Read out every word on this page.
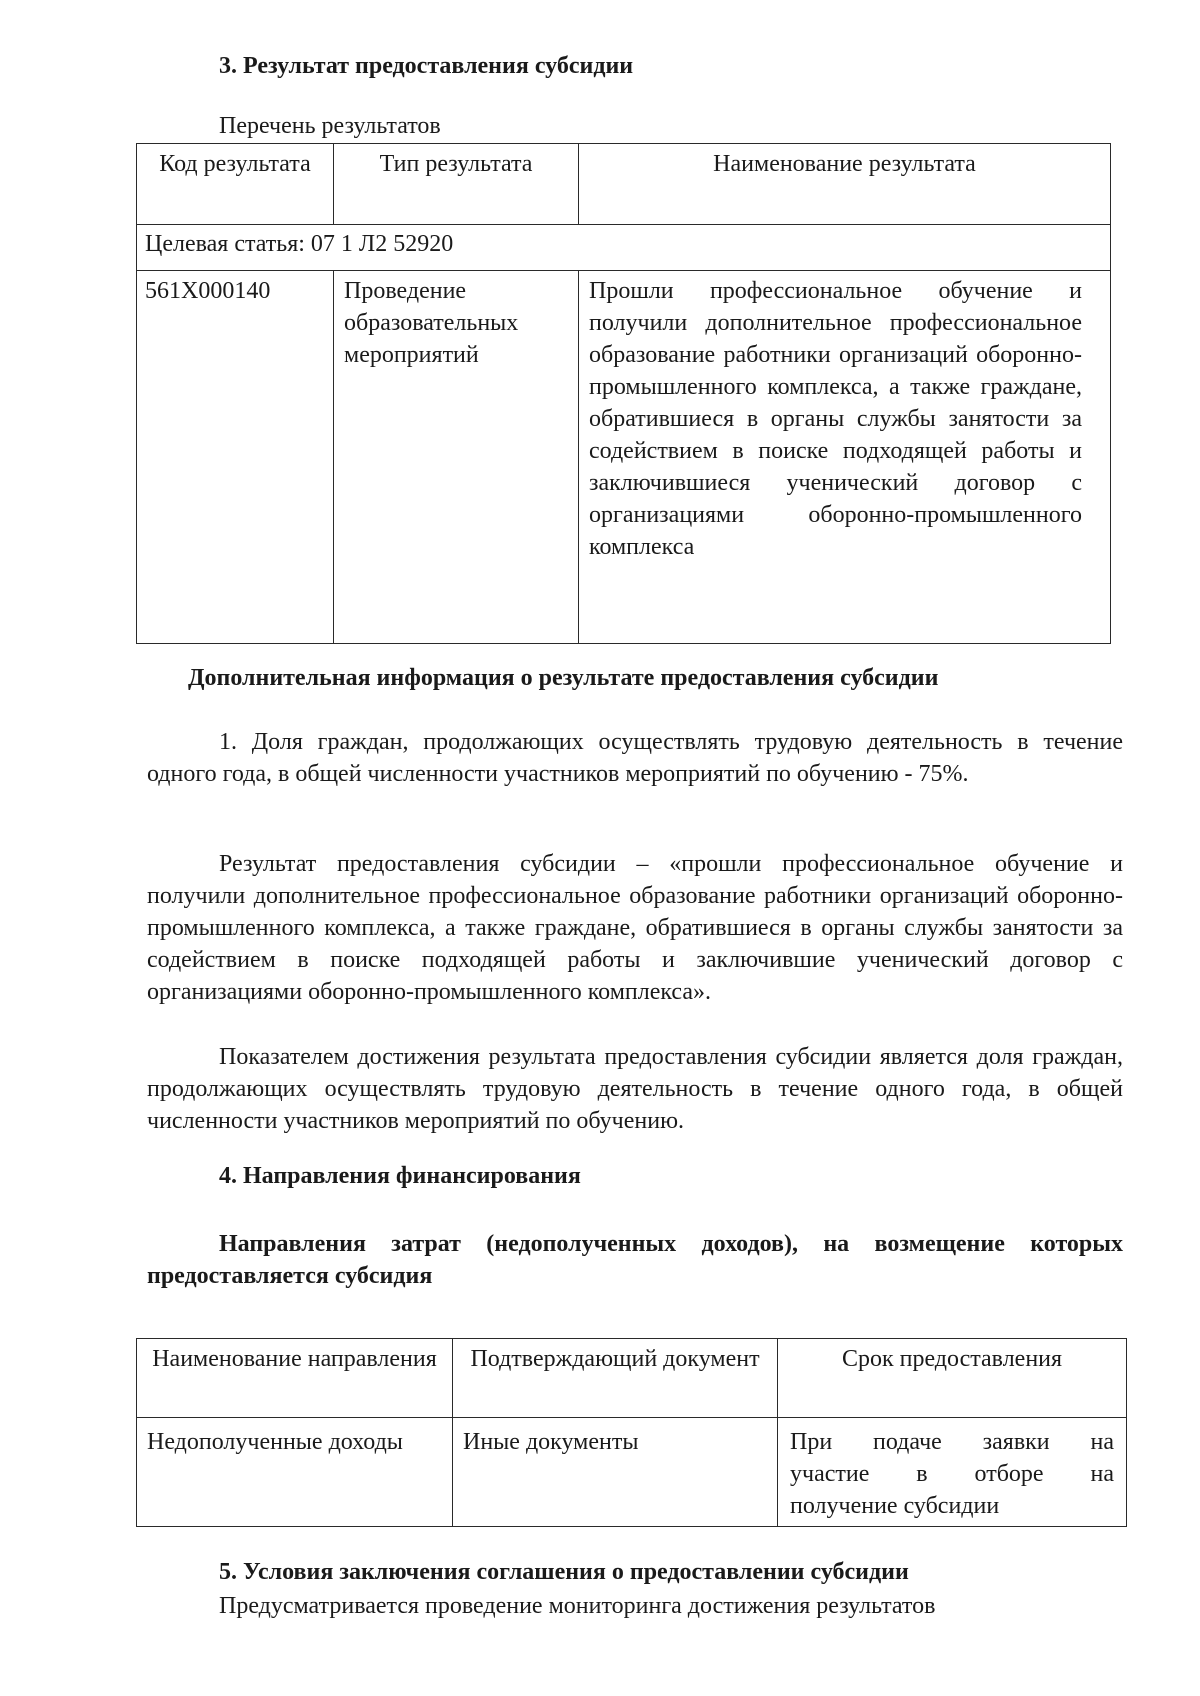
3. Результат предоставления субсидии
Перечень результатов
Код результата	Тип результата	Наименование результата
Целевая статья: 07 1 Л2 52920		
561Х000140	Проведение образовательных мероприятий	Прошли профессиональное обучение и получили дополнительное профессиональное образование работники организаций оборонно-промышленного комплекса, а также граждане, обратившиеся в органы службы занятости за содействием в поиске подходящей работы и заключившиеся ученический договор с организациями оборонно-промышленного комплекса
Дополнительная информация о результате предоставления субсидии
1. Доля граждан, продолжающих осуществлять трудовую деятельность в течение одного года, в общей численности участников мероприятий по обучению - 75%.
Результат предоставления субсидии – «прошли профессиональное обучение и получили дополнительное профессиональное образование работники организаций оборонно-промышленного комплекса, а также граждане, обратившиеся в органы службы занятости за содействием в поиске подходящей работы и заключившие ученический договор с организациями оборонно-промышленного комплекса».
Показателем достижения результата предоставления субсидии является доля граждан, продолжающих осуществлять трудовую деятельность в течение одного года, в общей численности участников мероприятий по обучению.
4. Направления финансирования
Направления затрат (недополученных доходов), на возмещение которых предоставляется субсидия
Наименование направления	Подтверждающий документ	Срок предоставления
Недополученные доходы	Иные документы	При подаче заявки на
участие в отборе на
получение субсидии
5. Условия заключения соглашения о предоставлении субсидии
Предусматривается проведение мониторинга достижения результатов
